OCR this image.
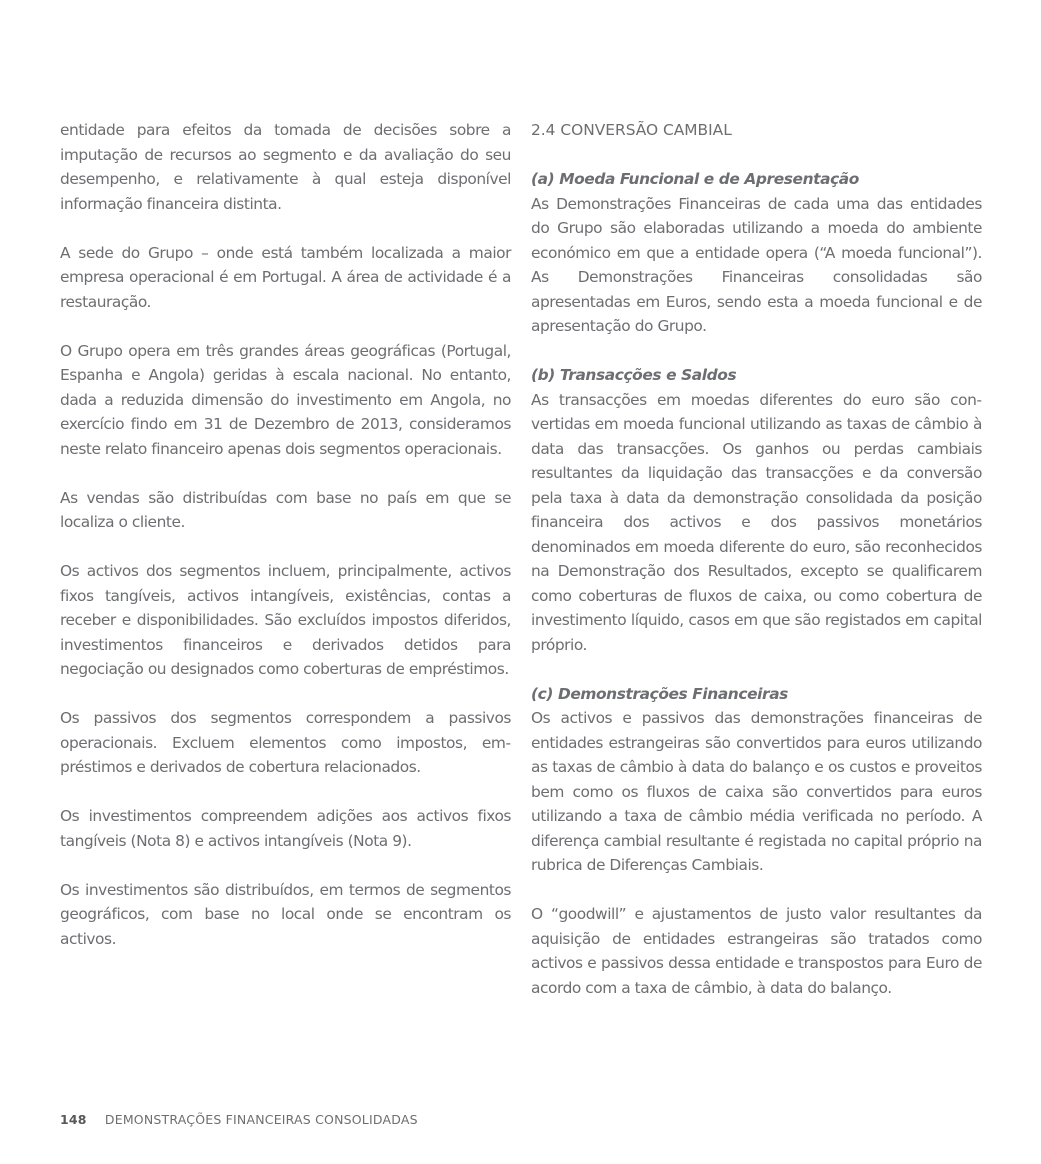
entidade para efeitos da tomada de decisões sobre a imputação de recursos ao segmento e da avaliação do seu desempenho, e relativamente à qual esteja disponível informação financeira distinta.

A sede do Grupo – onde está também localizada a maior empresa operacional é em Portugal. A área de actividade é a restauração.

O Grupo opera em três grandes áreas geográficas (Portugal, Espanha e Angola) geridas à escala nacional. No entanto, dada a reduzida dimensão do investimento em Angola, no exercício findo em 31 de Dezembro de 2013, consideramos neste relato financeiro apenas dois segmentos operacionais.

As vendas são distribuídas com base no país em que se localiza o cliente.

Os activos dos segmentos incluem, principalmente, activos fixos tangíveis, activos intangíveis, existências, contas a receber e disponibilidades. São excluídos impostos diferidos, investimentos financeiros e derivados detidos para negociação ou designados como coberturas de empréstimos.

Os passivos dos segmentos correspondem a passivos operacionais. Excluem elementos como impostos, empréstimos e derivados de cobertura relacionados.

Os investimentos compreendem adições aos activos fixos tangíveis (Nota 8) e activos intangíveis (Nota 9).

Os investimentos são distribuídos, em termos de segmentos geográficos, com base no local onde se encontram os activos.

2.4 CONVERSÃO CAMBIAL

(a) Moeda Funcional e de Apresentação

As Demonstrações Financeiras de cada uma das entidades do Grupo são elaboradas utilizando a moeda do ambiente económico em que a entidade opera (“A moeda funcional”). As Demonstrações Financeiras consolidadas são apresentadas em Euros, sendo esta a moeda funcional e de apresentação do Grupo.

(b) Transacções e Saldos

As transacções em moedas diferentes do euro são convertidas em moeda funcional utilizando as taxas de câmbio à data das transacções. Os ganhos ou perdas cambiais resultantes da liquidação das transacções e da conversão pela taxa à data da demonstração consolidada da posição financeira dos activos e dos passivos monetários denominados em moeda diferente do euro, são reconhecidos na Demonstração dos Resultados, excepto se qualificarem como coberturas de fluxos de caixa, ou como cobertura de investimento líquido, casos em que são registados em capital próprio.

(c) Demonstrações Financeiras

Os activos e passivos das demonstrações financeiras de entidades estrangeiras são convertidos para euros utilizando as taxas de câmbio à data do balanço e os custos e proveitos bem como os fluxos de caixa são convertidos para euros utilizando a taxa de câmbio média verificada no período. A diferença cambial resultante é registada no capital próprio na rubrica de Diferenças Cambiais.

O “goodwill” e ajustamentos de justo valor resultantes da aquisição de entidades estrangeiras são tratados como activos e passivos dessa entidade e transpostos para Euro de acordo com a taxa de câmbio, à data do balanço.

148 DEMONSTRAÇÕES FINANCEIRAS CONSOLIDADAS
